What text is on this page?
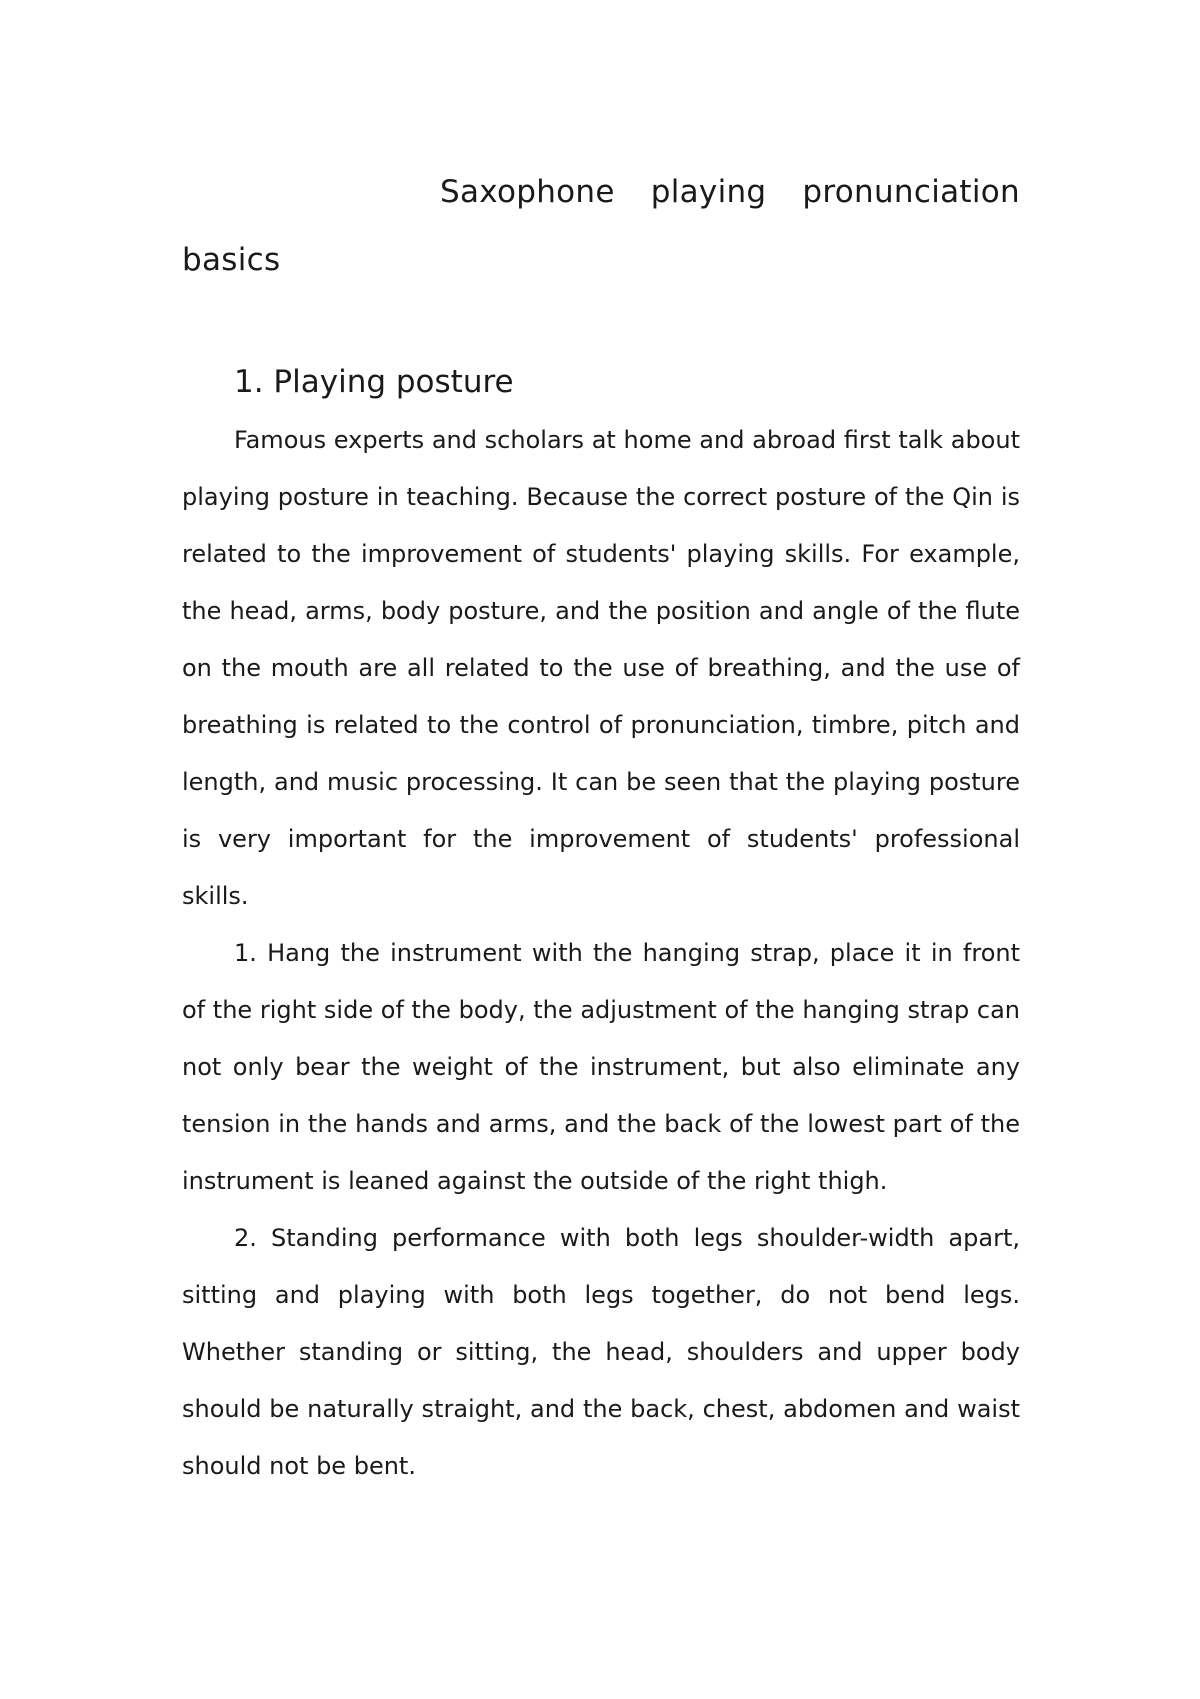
Saxophone playing pronunciation basics
1. Playing posture

Famous experts and scholars at home and abroad first talk about playing posture in teaching. Because the correct posture of the Qin is related to the improvement of students' playing skills. For example, the head, arms, body posture, and the position and angle of the flute on the mouth are all related to the use of breathing, and the use of breathing is related to the control of pronunciation, timbre, pitch and length, and music processing. It can be seen that the playing posture is very important for the improvement of students' professional skills.

1. Hang the instrument with the hanging strap, place it in front of the right side of the body, the adjustment of the hanging strap can not only bear the weight of the instrument, but also eliminate any tension in the hands and arms, and the back of the lowest part of the instrument is leaned against the outside of the right thigh.

2. Standing performance with both legs shoulder-width apart, sitting and playing with both legs together, do not bend legs. Whether standing or sitting, the head, shoulders and upper body should be naturally straight, and the back, chest, abdomen and waist should not be bent.
